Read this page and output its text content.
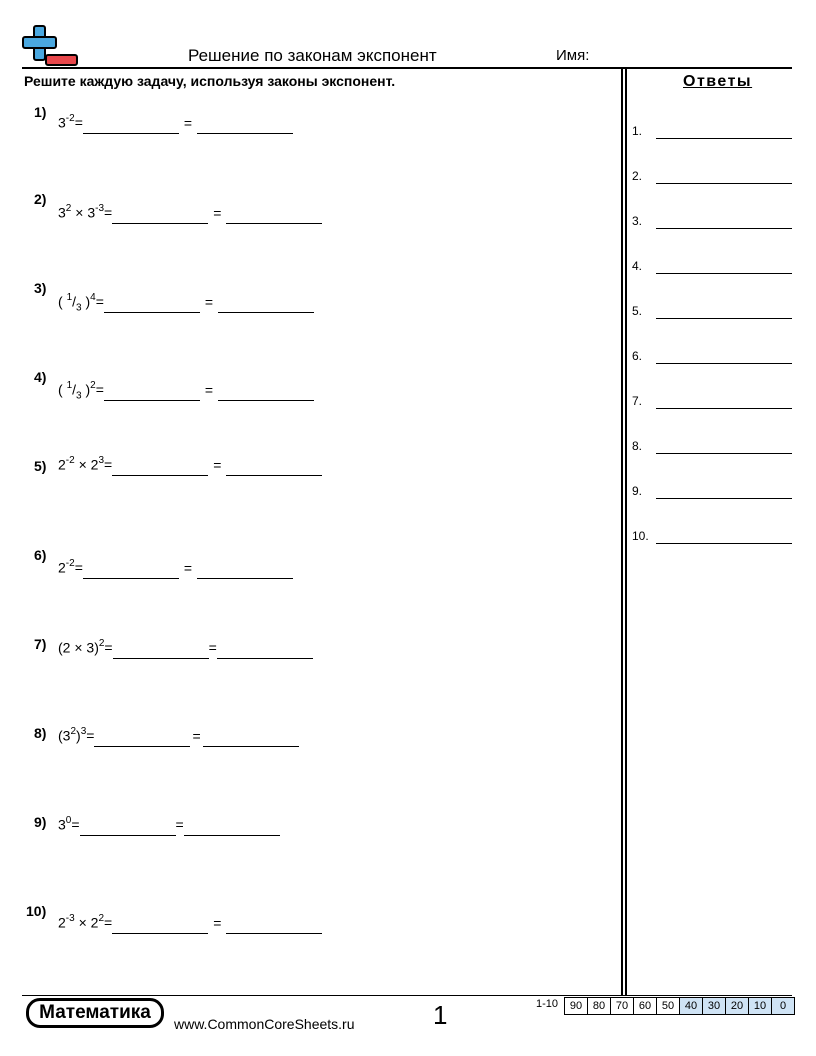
Решение по законам экспонент	Имя:
Решите каждую задачу, используя законы экспонент.	Ответы
1.
2.
3.
4.
5.
6.
7.
8.
9.
10.
1)
$3^{-2}=$	=
2)
$3^2 \times 3^{-3}=$	=
3)
( $^1/_3$ )$^4$=	=
4)
( $^1/_3$ )$^2$=	=
5) $2^{-2} \times 2^3=$	=
6)
$2^{-2}=$	=
7) $(2 \times 3)^2=$	=
8) $(3^2)^3=$	=
9) $3^0=$	=
10)
$2^{-3} \times 2^2=$	=
Математика
www.CommonCoreSheets.ru	1	1-10	90 80 70 60 50 40 30 20 10	0
